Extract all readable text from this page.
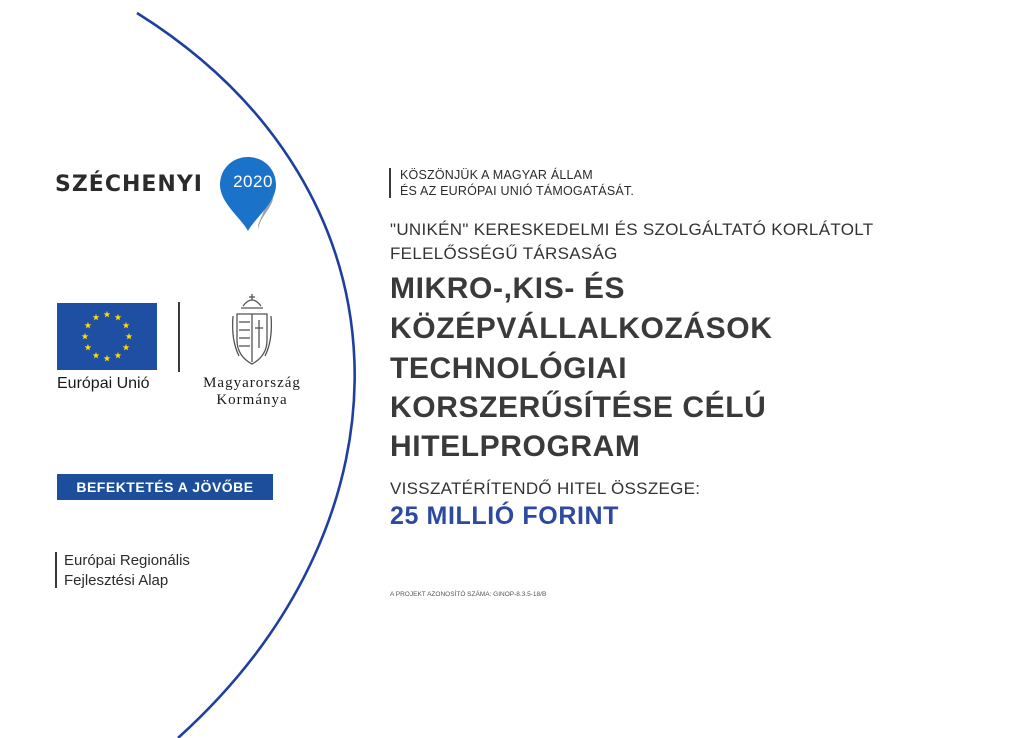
SZÉCHENYI 2020
Európai Unió	Magyarország
Kormánya
BEFEKTETÉS A JÖVŐBE
Európai Regionális
Fejlesztési Alap
KÖSZÖNJÜK A MAGYAR ÁLLAM
ÉS AZ EURÓPAI UNIÓ TÁMOGATÁSÁT.
"UNIKÉN" KERESKEDELMI ÉS SZOLGÁLTATÓ KORLÁTOLT
FELELŐSSÉGŰ TÁRSASÁG
MIKRO-,KIS- ÉS
KÖZÉPVÁLLALKOZÁSOK
TECHNOLÓGIAI
KORSZERŰSÍTÉSE CÉLÚ
HITELPROGRAM
VISSZATÉRÍTENDŐ HITEL ÖSSZEGE:
25 MILLIÓ FORINT
A PROJEKT AZONOSÍTÓ SZÁMA: GINOP-8.3.5-18/B
